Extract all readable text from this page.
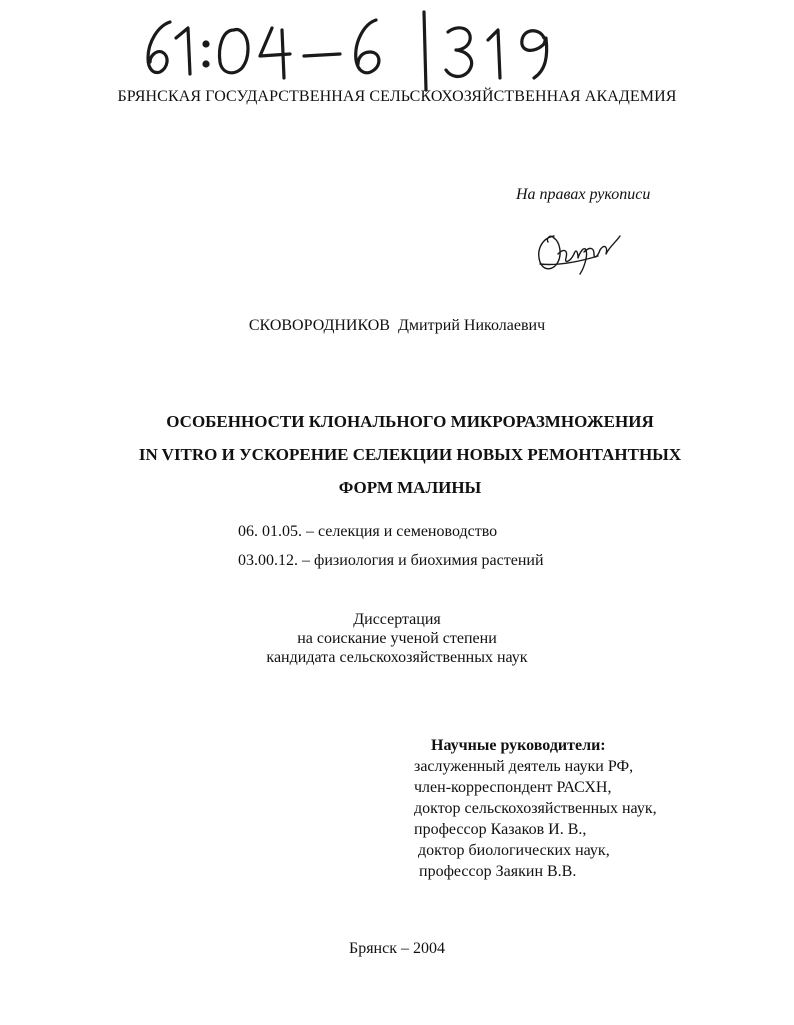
БРЯНСКАЯ ГОСУДАРСТВЕННАЯ СЕЛЬСКОХОЗЯЙСТВЕННАЯ АКАДЕМИЯ
На правах рукописи
СКОВОРОДНИКОВ Дмитрий Николаевич
ОСОБЕННОСТИ КЛОНАЛЬНОГО МИКРОРАЗМНОЖЕНИЯ
IN VITRO И УСКОРЕНИЕ СЕЛЕКЦИИ НОВЫХ РЕМОНТАНТНЫХ
ФОРМ МАЛИНЫ
06. 01.05. – селекция и семеноводство
03.00.12. – физиология и биохимия растений
Диссертация
на соискание ученой степени
кандидата сельскохозяйственных наук
Научные руководители:
заслуженный деятель науки РФ,
член-корреспондент РАСХН,
доктор сельскохозяйственных наук,
профессор Казаков И. В.,
доктор биологических наук,
профессор Заякин В.В.
Брянск – 2004
